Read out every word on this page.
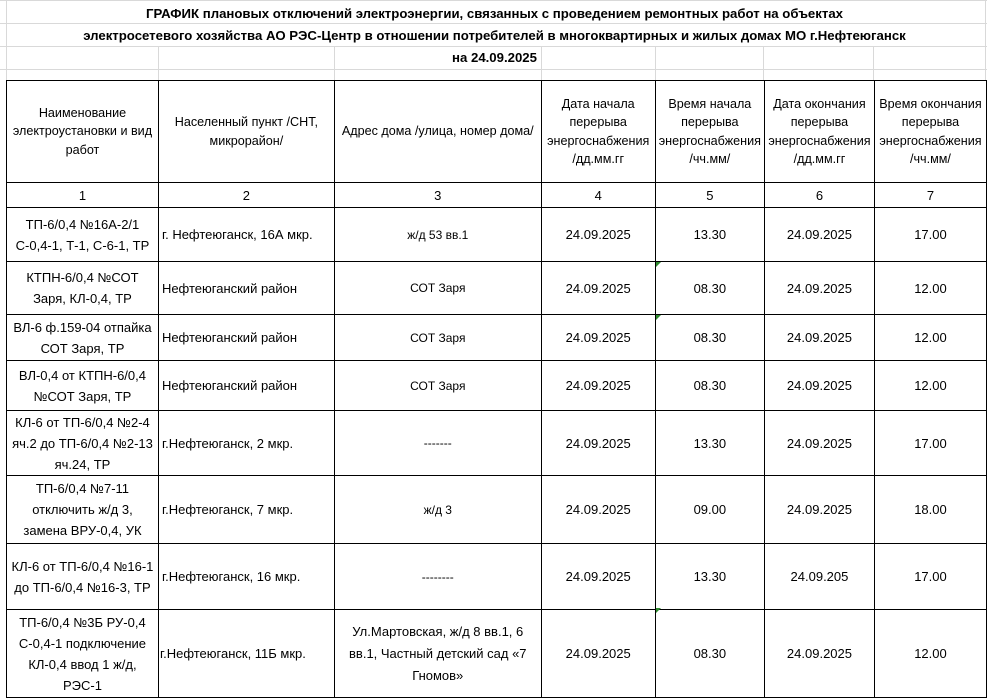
ГРАФИК плановых отключений электроэнергии, связанных с проведением ремонтных работ на объектах
электросетевого хозяйства АО РЭС-Центр в отношении потребителей в многоквартирных и жилых домах МО г.Нефтеюганск
на 24.09.2025
Наименование электроустановки и вид работ	Населенный пункт /СНТ, микрорайон/	Адрес дома /улица, номер дома/	Дата начала перерыва энергоснабжения /дд.мм.гг	Время начала перерыва энергоснабжения /чч.мм/	Дата окончания перерыва энергоснабжения /дд.мм.гг	Время окончания перерыва энергоснабжения /чч.мм/
1	2	3	4	5	6	7
ТП-6/0,4 №16А-2/1 С-0,4-1, Т-1, С-6-1, ТР	г. Нефтеюганск, 16А мкр.	ж/д 53 вв.1	24.09.2025	13.30	24.09.2025	17.00
КТПН-6/0,4 №СОТ Заря, КЛ-0,4, ТР	Нефтеюганский район	СОТ Заря	24.09.2025	08.30	24.09.2025	12.00
ВЛ-6 ф.159-04 отпайка СОТ Заря, ТР	Нефтеюганский район	СОТ Заря	24.09.2025	08.30	24.09.2025	12.00
ВЛ-0,4 от КТПН-6/0,4 №СОТ Заря, ТР	Нефтеюганский район	СОТ Заря	24.09.2025	08.30	24.09.2025	12.00
КЛ-6 от ТП-6/0,4 №2-4 яч.2 до ТП-6/0,4 №2-13 яч.24, ТР	г.Нефтеюганск, 2 мкр.	-------	24.09.2025	13.30	24.09.2025	17.00
ТП-6/0,4 №7-11 отключить ж/д 3, замена ВРУ-0,4, УК	г.Нефтеюганск, 7 мкр.	ж/д 3	24.09.2025	09.00	24.09.2025	18.00
КЛ-6 от ТП-6/0,4 №16-1 до ТП-6/0,4 №16-3, ТР	г.Нефтеюганск, 16 мкр.	--------	24.09.2025	13.30	24.09.205	17.00
ТП-6/0,4 №3Б РУ-0,4 С-0,4-1 подключение КЛ-0,4 ввод 1 ж/д, РЭС-1	г.Нефтеюганск, 11Б мкр.	Ул.Мартовская, ж/д 8 вв.1, 6 вв.1, Частный детский сад «7 Гномов»	24.09.2025	08.30	24.09.2025	12.00
